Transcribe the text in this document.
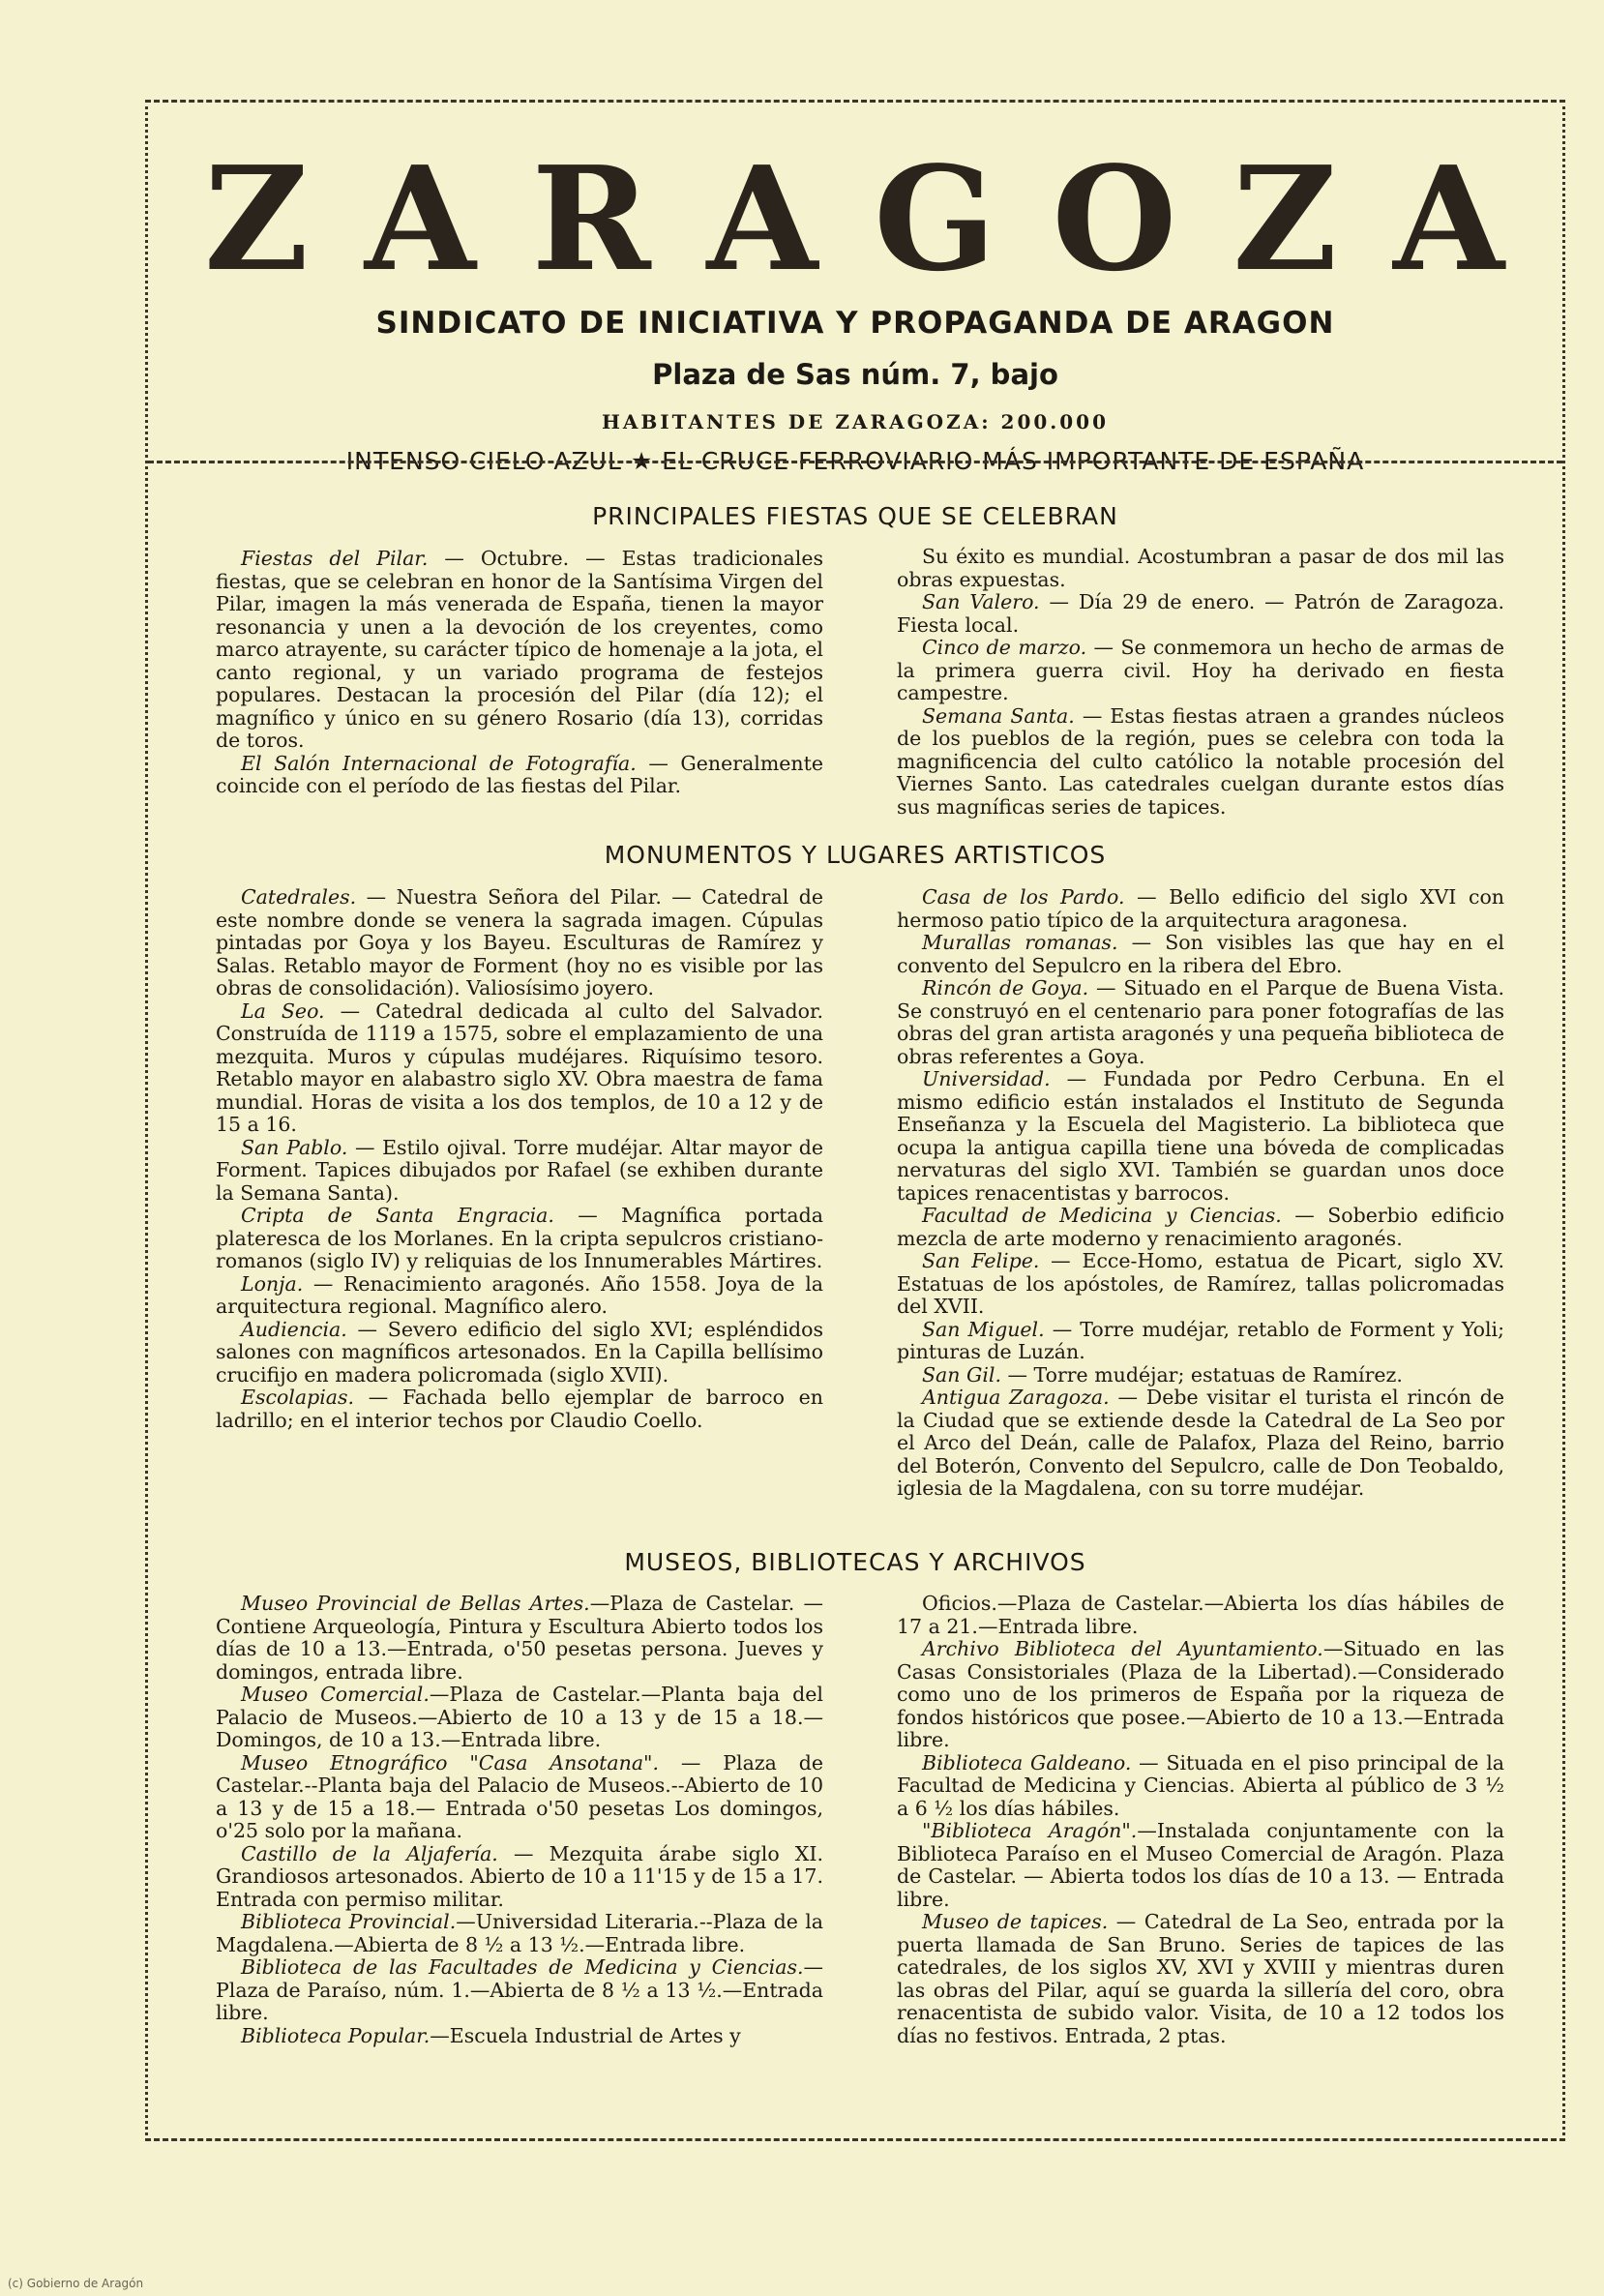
Z A R A G O Z A
SINDICATO DE INICIATIVA Y PROPAGANDA DE ARAGON
Plaza de Sas núm. 7, bajo
HABITANTES DE ZARAGOZA: 200.000
INTENSO CIELO AZUL ★ EL CRUCE FERROVIARIO MÁS IMPORTANTE DE ESPAÑA
PRINCIPALES FIESTAS QUE SE CELEBRAN

Fiestas del Pilar. — Octubre. — Estas tradicionales fiestas, que se celebran en honor de la Santísima Virgen del Pilar, imagen la más venerada de España, tienen la mayor resonancia y unen a la devoción de los creyentes, como marco atrayente, su carácter típico de homenaje a la jota, el canto regional, y un variado programa de festejos populares. Destacan la procesión del Pilar (día 12); el magnífico y único en su género Rosario (día 13), corridas de toros.

El Salón Internacional de Fotografía. — Generalmente coincide con el período de las fiestas del Pilar.

Su éxito es mundial. Acostumbran a pasar de dos mil las obras expuestas.

San Valero. — Día 29 de enero. — Patrón de Zaragoza. Fiesta local.

Cinco de marzo. — Se conmemora un hecho de armas de la primera guerra civil. Hoy ha derivado en fiesta campestre.

Semana Santa. — Estas fiestas atraen a grandes núcleos de los pueblos de la región, pues se celebra con toda la magnificencia del culto católico la notable procesión del Viernes Santo. Las catedrales cuelgan durante estos días sus magníficas series de tapices.

MONUMENTOS Y LUGARES ARTISTICOS

Catedrales. — Nuestra Señora del Pilar. — Catedral de este nombre donde se venera la sagrada imagen. Cúpulas pintadas por Goya y los Bayeu. Esculturas de Ramírez y Salas. Retablo mayor de Forment (hoy no es visible por las obras de consolidación). Valiosísimo joyero.

La Seo. — Catedral dedicada al culto del Salvador. Construída de 1119 a 1575, sobre el emplazamiento de una mezquita. Muros y cúpulas mudéjares. Riquísimo tesoro. Retablo mayor en alabastro siglo XV. Obra maestra de fama mundial. Horas de visita a los dos templos, de 10 a 12 y de 15 a 16.

San Pablo. — Estilo ojival. Torre mudéjar. Altar mayor de Forment. Tapices dibujados por Rafael (se exhiben durante la Semana Santa).

Cripta de Santa Engracia. — Magnífica portada plateresca de los Morlanes. En la cripta sepulcros cristiano-romanos (siglo IV) y reliquias de los Innumerables Mártires.

Lonja. — Renacimiento aragonés. Año 1558. Joya de la arquitectura regional. Magnífico alero.

Audiencia. — Severo edificio del siglo XVI; espléndidos salones con magníficos artesonados. En la Capilla bellísimo crucifijo en madera policromada (siglo XVII).

Escolapias. — Fachada bello ejemplar de barroco en ladrillo; en el interior techos por Claudio Coello.

Casa de los Pardo. — Bello edificio del siglo XVI con hermoso patio típico de la arquitectura aragonesa.

Murallas romanas. — Son visibles las que hay en el convento del Sepulcro en la ribera del Ebro.

Rincón de Goya. — Situado en el Parque de Buena Vista. Se construyó en el centenario para poner fotografías de las obras del gran artista aragonés y una pequeña biblioteca de obras referentes a Goya.

Universidad. — Fundada por Pedro Cerbuna. En el mismo edificio están instalados el Instituto de Segunda Enseñanza y la Escuela del Magisterio. La biblioteca que ocupa la antigua capilla tiene una bóveda de complicadas nervaturas del siglo XVI. También se guardan unos doce tapices renacentistas y barrocos.

Facultad de Medicina y Ciencias. — Soberbio edificio mezcla de arte moderno y renacimiento aragonés.

San Felipe. — Ecce-Homo, estatua de Picart, siglo XV. Estatuas de los apóstoles, de Ramírez, tallas policromadas del XVII.

San Miguel. — Torre mudéjar, retablo de Forment y Yoli; pinturas de Luzán.

San Gil. — Torre mudéjar; estatuas de Ramírez.

Antigua Zaragoza. — Debe visitar el turista el rincón de la Ciudad que se extiende desde la Catedral de La Seo por el Arco del Deán, calle de Palafox, Plaza del Reino, barrio del Boterón, Convento del Sepulcro, calle de Don Teobaldo, iglesia de la Magdalena, con su torre mudéjar.

MUSEOS, BIBLIOTECAS Y ARCHIVOS

Museo Provincial de Bellas Artes.—Plaza de Castelar. — Contiene Arqueología, Pintura y Escultura Abierto todos los días de 10 a 13.—Entrada, o'50 pesetas persona. Jueves y domingos, entrada libre.

Museo Comercial.—Plaza de Castelar.—Planta baja del Palacio de Museos.—Abierto de 10 a 13 y de 15 a 18.—Domingos, de 10 a 13.—Entrada libre.

Museo Etnográfico "Casa Ansotana". — Plaza de Castelar.--Planta baja del Palacio de Museos.--Abierto de 10 a 13 y de 15 a 18.— Entrada o'50 pesetas Los domingos, o'25 solo por la mañana.

Castillo de la Aljafería. — Mezquita árabe siglo XI. Grandiosos artesonados. Abierto de 10 a 11'15 y de 15 a 17. Entrada con permiso militar.

Biblioteca Provincial.—Universidad Literaria.--Plaza de la Magdalena.—Abierta de 8 ½ a 13 ½.—Entrada libre.

Biblioteca de las Facultades de Medicina y Ciencias.—Plaza de Paraíso, núm. 1.—Abierta de 8 ½ a 13 ½.—Entrada libre.

Biblioteca Popular.—Escuela Industrial de Artes y

Oficios.—Plaza de Castelar.—Abierta los días hábiles de 17 a 21.—Entrada libre.

Archivo Biblioteca del Ayuntamiento.—Situado en las Casas Consistoriales (Plaza de la Libertad).—Considerado como uno de los primeros de España por la riqueza de fondos históricos que posee.—Abierto de 10 a 13.—Entrada libre.

Biblioteca Galdeano. — Situada en el piso principal de la Facultad de Medicina y Ciencias. Abierta al público de 3 ½ a 6 ½ los días hábiles.

"Biblioteca Aragón".—Instalada conjuntamente con la Biblioteca Paraíso en el Museo Comercial de Aragón. Plaza de Castelar. — Abierta todos los días de 10 a 13. — Entrada libre.

Museo de tapices. — Catedral de La Seo, entrada por la puerta llamada de San Bruno. Series de tapices de las catedrales, de los siglos XV, XVI y XVIII y mientras duren las obras del Pilar, aquí se guarda la sillería del coro, obra renacentista de subido valor. Visita, de 10 a 12 todos los días no festivos. Entrada, 2 ptas.

(c) Gobierno de Aragón
